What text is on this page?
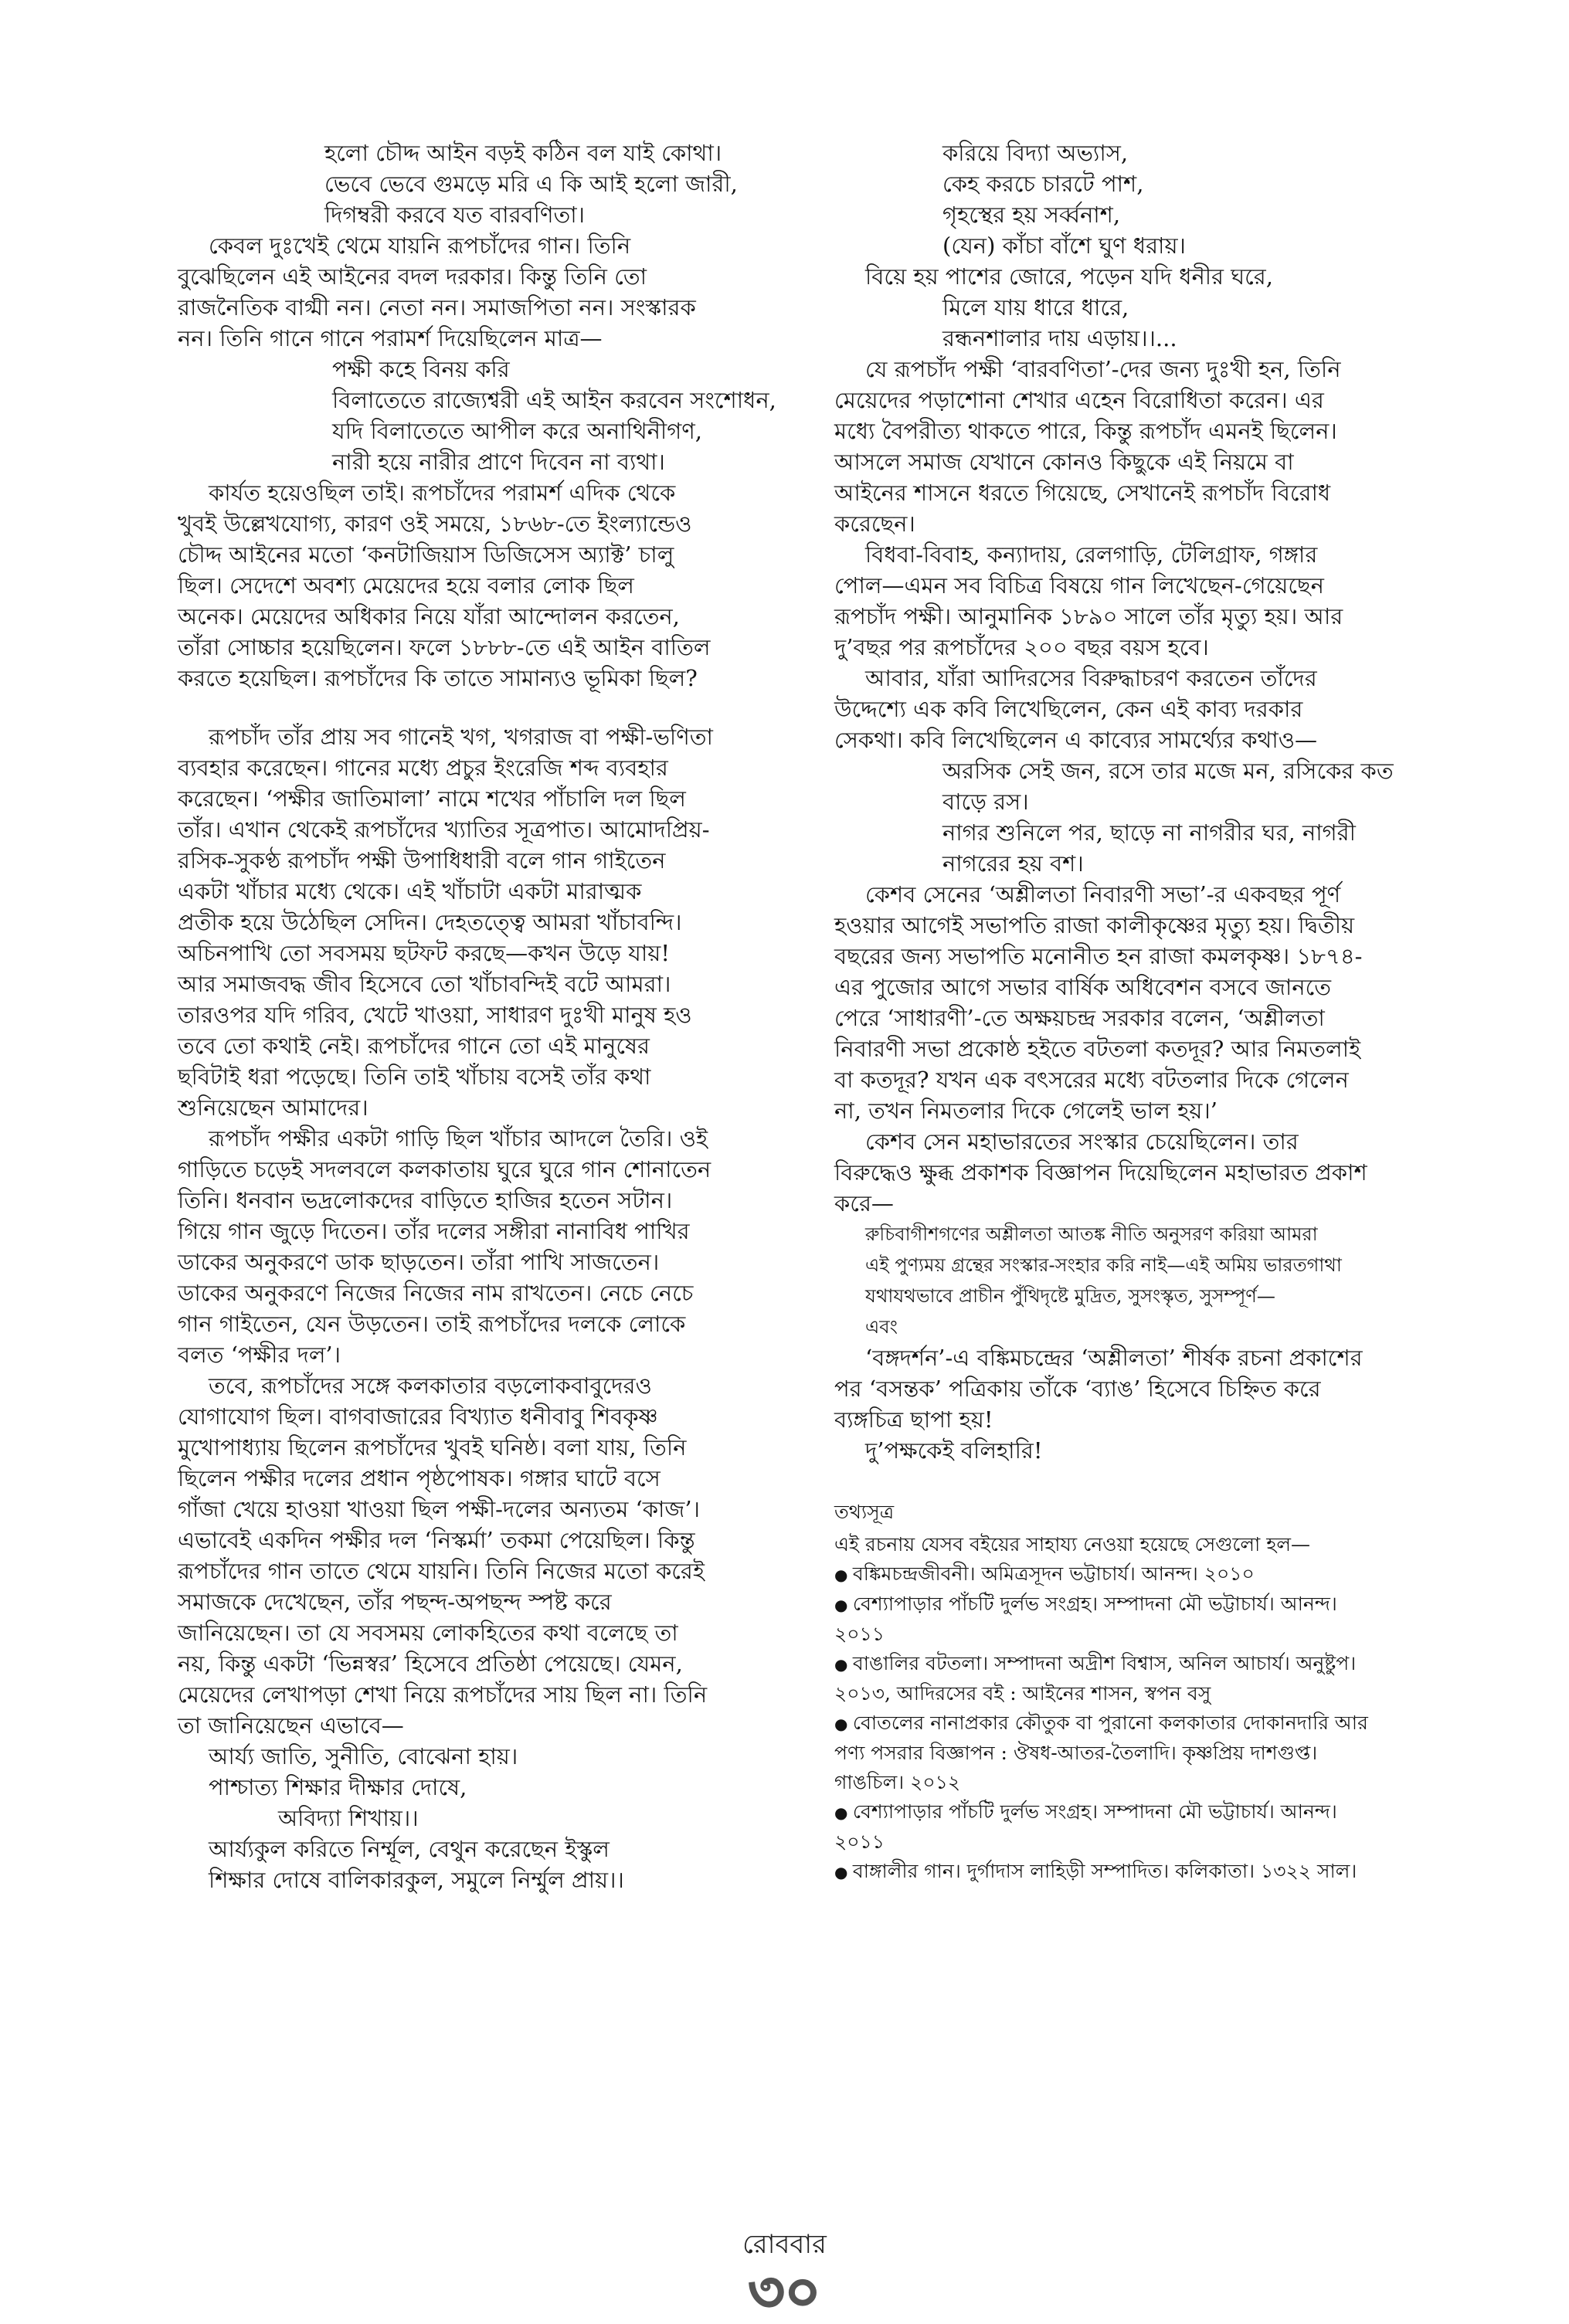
হলো চৌদ্দ আইন বড়ই কঠিন বল যাই কোথা।
ভেবে ভেবে গুমড়ে মরি এ কি আই হলো জারী,
দিগম্বরী করবে যত বারবণিতা।
কেবল দুঃখেই থেমে যায়নি রূপচাঁদের গান। তিনি
বুঝেছিলেন এই আইনের বদল দরকার। কিন্তু তিনি তো
রাজনৈতিক বাগ্মী নন। নেতা নন। সমাজপিতা নন। সংস্কারক
নন। তিনি গানে গানে পরামর্শ দিয়েছিলেন মাত্র—
পক্ষী কহে বিনয় করি
বিলাতেতে রাজ্যেশ্বরী এই আইন করবেন সংশোধন,
যদি বিলাতেতে আপীল করে অনাথিনীগণ,
নারী হয়ে নারীর প্রাণে দিবেন না ব্যথা।
কার্যত হয়েওছিল তাই। রূপচাঁদের পরামর্শ এদিক থেকে
খুবই উল্লেখযোগ্য, কারণ ওই সময়ে, ১৮৬৮-তে ইংল্যান্ডেও
চৌদ্দ আইনের মতো ‘কনটাজিয়াস ডিজিসেস অ্যাক্ট’ চালু
ছিল। সেদেশে অবশ্য মেয়েদের হয়ে বলার লোক ছিল
অনেক। মেয়েদের অধিকার নিয়ে যাঁরা আন্দোলন করতেন,
তাঁরা সোচ্চার হয়েছিলেন। ফলে ১৮৮৮-তে এই আইন বাতিল
করতে হয়েছিল। রূপচাঁদের কি তাতে সামান্যও ভূমিকা ছিল?
রূপচাঁদ তাঁর প্রায় সব গানেই খগ, খগরাজ বা পক্ষী-ভণিতা
ব্যবহার করেছেন। গানের মধ্যে প্রচুর ইংরেজি শব্দ ব্যবহার
করেছেন। ‘পক্ষীর জাতিমালা’ নামে শখের পাঁচালি দল ছিল
তাঁর। এখান থেকেই রূপচাঁদের খ্যাতির সূত্রপাত। আমোদপ্রিয়-
রসিক-সুকণ্ঠ রূপচাঁদ পক্ষী উপাধিধারী বলে গান গাইতেন
একটা খাঁচার মধ্যে থেকে। এই খাঁচাটা একটা মারাত্মক
প্রতীক হয়ে উঠেছিল সেদিন। দেহতত্ত্বে আমরা খাঁচাবন্দি।
অচিনপাখি তো সবসময় ছটফট করছে—কখন উড়ে যায়!
আর সমাজবদ্ধ জীব হিসেবে তো খাঁচাবন্দিই বটে আমরা।
তারওপর যদি গরিব, খেটে খাওয়া, সাধারণ দুঃখী মানুষ হও
তবে তো কথাই নেই। রূপচাঁদের গানে তো এই মানুষের
ছবিটাই ধরা পড়েছে। তিনি তাই খাঁচায় বসেই তাঁর কথা
শুনিয়েছেন আমাদের।
রূপচাঁদ পক্ষীর একটা গাড়ি ছিল খাঁচার আদলে তৈরি। ওই
গাড়িতে চড়েই সদলবলে কলকাতায় ঘুরে ঘুরে গান শোনাতেন
তিনি। ধনবান ভদ্রলোকদের বাড়িতে হাজির হতেন সটান।
গিয়ে গান জুড়ে দিতেন। তাঁর দলের সঙ্গীরা নানাবিধ পাখির
ডাকের অনুকরণে ডাক ছাড়তেন। তাঁরা পাখি সাজতেন।
ডাকের অনুকরণে নিজের নিজের নাম রাখতেন। নেচে নেচে
গান গাইতেন, যেন উড়তেন। তাই রূপচাঁদের দলকে লোকে
বলত ‘পক্ষীর দল’।
তবে, রূপচাঁদের সঙ্গে কলকাতার বড়লোকবাবুদেরও
যোগাযোগ ছিল। বাগবাজারের বিখ্যাত ধনীবাবু শিবকৃষ্ণ
মুখোপাধ্যায় ছিলেন রূপচাঁদের খুবই ঘনিষ্ঠ। বলা যায়, তিনি
ছিলেন পক্ষীর দলের প্রধান পৃষ্ঠপোষক। গঙ্গার ঘাটে বসে
গাঁজা খেয়ে হাওয়া খাওয়া ছিল পক্ষী-দলের অন্যতম ‘কাজ’।
এভাবেই একদিন পক্ষীর দল ‘নিস্কর্মা’ তকমা পেয়েছিল। কিন্তু
রূপচাঁদের গান তাতে থেমে যায়নি। তিনি নিজের মতো করেই
সমাজকে দেখেছেন, তাঁর পছন্দ-অপছন্দ স্পষ্ট করে
জানিয়েছেন। তা যে সবসময় লোকহিতের কথা বলেছে তা
নয়, কিন্তু একটা ‘ভিন্নস্বর’ হিসেবে প্রতিষ্ঠা পেয়েছে। যেমন,
মেয়েদের লেখাপড়া শেখা নিয়ে রূপচাঁদের সায় ছিল না। তিনি
তা জানিয়েছেন এভাবে—
আর্য্য জাতি, সুনীতি, বোঝেনা হায়।
পাশ্চাত্য শিক্ষার দীক্ষার দোষে,
অবিদ্যা শিখায়।।
আর্য্যকুল করিতে নির্ম্মূল, বেথুন করেছেন ইস্কুল
শিক্ষার দোষে বালিকারকুল, সমুলে নির্ম্মুল প্রায়।।
করিয়ে বিদ্যা অভ্যাস,
কেহ করচে চারটে পাশ,
গৃহস্থের হয় সর্ব্বনাশ,
(যেন) কাঁচা বাঁশে ঘুণ ধরায়।
বিয়ে হয় পাশের জোরে, পড়েন যদি ধনীর ঘরে,
মিলে যায় ধারে ধারে,
রন্ধনশালার দায় এড়ায়।।...
যে রূপচাঁদ পক্ষী ‘বারবণিতা’-দের জন্য দুঃখী হন, তিনি
মেয়েদের পড়াশোনা শেখার এহেন বিরোধিতা করেন। এর
মধ্যে বৈপরীত্য থাকতে পারে, কিন্তু রূপচাঁদ এমনই ছিলেন।
আসলে সমাজ যেখানে কোনও কিছুকে এই নিয়মে বা
আইনের শাসনে ধরতে গিয়েছে, সেখানেই রূপচাঁদ বিরোধ
করেছেন।
বিধবা-বিবাহ, কন্যাদায়, রেলগাড়ি, টেলিগ্রাফ, গঙ্গার
পোল—এমন সব বিচিত্র বিষয়ে গান লিখেছেন-গেয়েছেন
রূপচাঁদ পক্ষী। আনুমানিক ১৮৯০ সালে তাঁর মৃত্যু হয়। আর
দু’বছর পর রূপচাঁদের ২০০ বছর বয়স হবে।
আবার, যাঁরা আদিরসের বিরুদ্ধাচরণ করতেন তাঁদের
উদ্দেশ্যে এক কবি লিখেছিলেন, কেন এই কাব্য দরকার
সেকথা। কবি লিখেছিলেন এ কাব্যের সামর্থ্যের কথাও—
অরসিক সেই জন, রসে তার মজে মন, রসিকের কত
বাড়ে রস।
নাগর শুনিলে পর, ছাড়ে না নাগরীর ঘর, নাগরী
নাগরের হয় বশ।
কেশব সেনের ‘অশ্লীলতা নিবারণী সভা’-র একবছর পূর্ণ
হওয়ার আগেই সভাপতি রাজা কালীকৃষ্ণের মৃত্যু হয়। দ্বিতীয়
বছরের জন্য সভাপতি মনোনীত হন রাজা কমলকৃষ্ণ। ১৮৭৪-
এর পুজোর আগে সভার বার্ষিক অধিবেশন বসবে জানতে
পেরে ‘সাধারণী’-তে অক্ষয়চন্দ্র সরকার বলেন, ‘অশ্লীলতা
নিবারণী সভা প্রকোষ্ঠ হইতে বটতলা কতদূর? আর নিমতলাই
বা কতদূর? যখন এক বৎসরের মধ্যে বটতলার দিকে গেলেন
না, তখন নিমতলার দিকে গেলেই ভাল হয়।’
কেশব সেন মহাভারতের সংস্কার চেয়েছিলেন। তার
বিরুদ্ধেও ক্ষুব্ধ প্রকাশক বিজ্ঞাপন দিয়েছিলেন মহাভারত প্রকাশ
করে—
রুচিবাগীশগণের অশ্লীলতা আতঙ্ক নীতি অনুসরণ করিয়া আমরা
এই পুণ্যময় গ্রন্থের সংস্কার-সংহার করি নাই—এই অমিয় ভারতগাথা
যথাযথভাবে প্রাচীন পুঁথিদৃষ্টে মুদ্রিত, সুসংস্কৃত, সুসম্পূর্ণ—
এবং
‘বঙ্গদর্শন’-এ বঙ্কিমচন্দ্রের ‘অশ্লীলতা’ শীর্ষক রচনা প্রকাশের
পর ‘বসন্তক’ পত্রিকায় তাঁকে ‘ব্যাঙ’ হিসেবে চিহ্নিত করে
ব্যঙ্গচিত্র ছাপা হয়!
দু’পক্ষকেই বলিহারি!
তথ্যসূত্র
এই রচনায় যেসব বইয়ের সাহায্য নেওয়া হয়েছে সেগুলো হল—
● বঙ্কিমচন্দ্রজীবনী। অমিত্রসূদন ভট্টাচার্য। আনন্দ। ২০১০
● বেশ্যাপাড়ার পাঁচটি দুর্লভ সংগ্রহ। সম্পাদনা মৌ ভট্টাচার্য। আনন্দ।
২০১১
● বাঙালির বটতলা। সম্পাদনা অদ্রীশ বিশ্বাস, অনিল আচার্য। অনুষ্টুপ।
২০১৩, আদিরসের বই : আইনের শাসন, স্বপন বসু
● বোতলের নানাপ্রকার কৌতুক বা পুরানো কলকাতার দোকানদারি আর
পণ্য পসরার বিজ্ঞাপন : ঔষধ-আতর-তৈলাদি। কৃষ্ণপ্রিয় দাশগুপ্ত।
গাঙচিল। ২০১২
● বেশ্যাপাড়ার পাঁচটি দুর্লভ সংগ্রহ। সম্পাদনা মৌ ভট্টাচার্য। আনন্দ।
২০১১
● বাঙ্গালীর গান। দুর্গাদাস লাহিড়ী সম্পাদিত। কলিকাতা। ১৩২২ সাল।
রোববার
৩০
